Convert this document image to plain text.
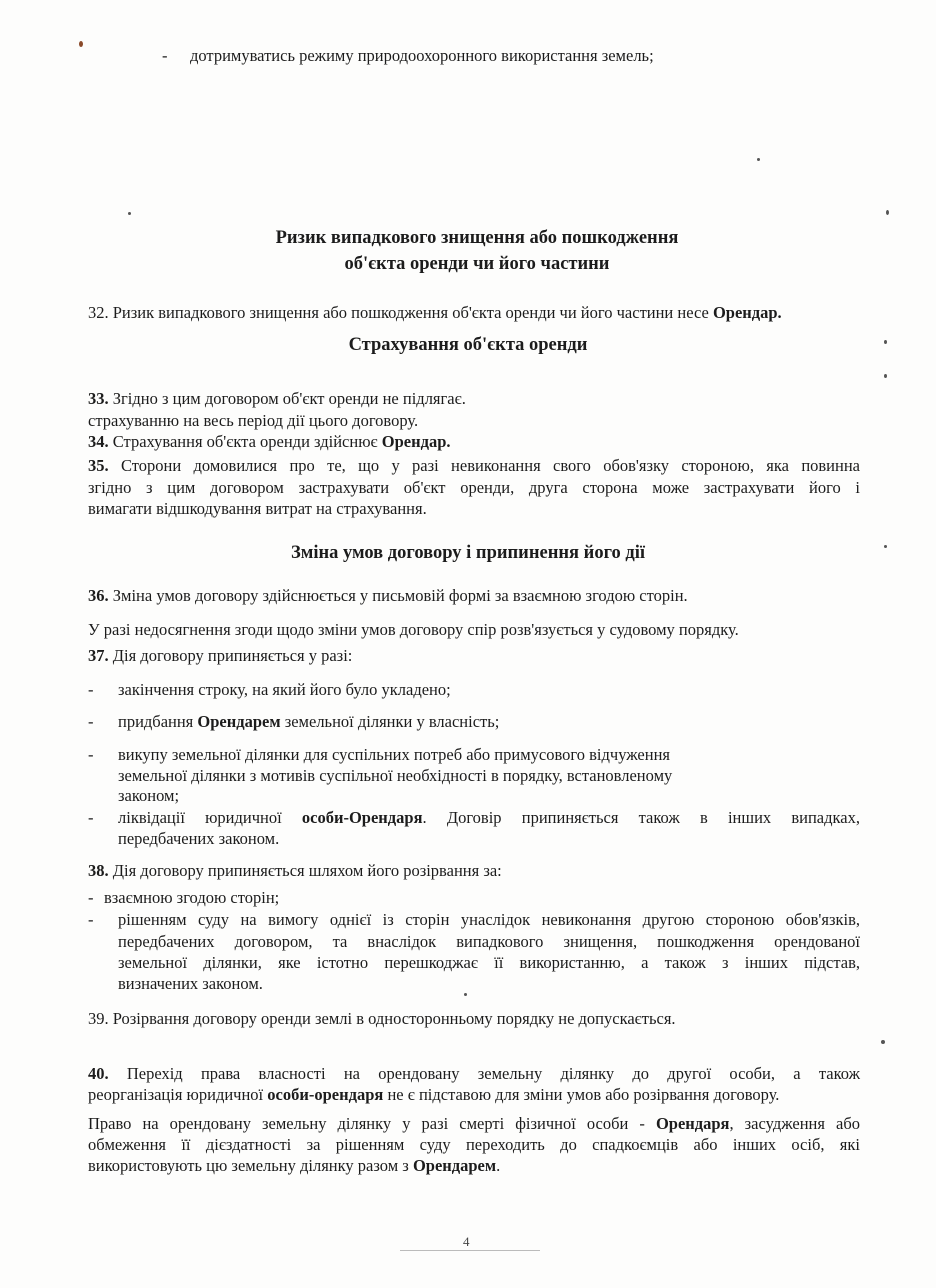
- дотримуватись режиму природоохоронного використання земель;
Ризик випадкового знищення або пошкодження
об'єкта оренди чи його частини
32. Ризик випадкового знищення або пошкодження об'єкта оренди чи його частини несе Орендар.
Страхування об'єкта оренди
33. Згідно з цим договором об'єкт оренди не підлягає.
страхуванню на весь період дії цього договору.
34. Страхування об'єкта оренди здійснює Орендар.
35. Сторони домовилися про те, що у разі невиконання свого обов'язку стороною, яка повинна
згідно з цим договором застрахувати об'єкт оренди, друга сторона може застрахувати його і
вимагати відшкодування витрат на страхування.
Зміна умов договору і припинення його дії
36. Зміна умов договору здійснюється у письмовій формі за взаємною згодою сторін.
У разі недосягнення згоди щодо зміни умов договору спір розв'язується у судовому порядку.
37. Дія договору припиняється у разі:
- закінчення строку, на який його було укладено;
- придбання Орендарем земельної ділянки у власність;
- викупу земельної ділянки для суспільних потреб або примусового відчуження
земельної ділянки з мотивів суспільної необхідності в порядку, встановленому
законом;
- ліквідації юридичної особи-Орендаря. Договір припиняється також в інших випадках,
передбачених законом.
38. Дія договору припиняється шляхом його розірвання за:
- взаємною згодою сторін;
- рішенням суду на вимогу однієї із сторін унаслідок невиконання другою стороною обов'язків,
передбачених договором, та внаслідок випадкового знищення, пошкодження орендованої
земельної ділянки, яке істотно перешкоджає її використанню, а також з інших підстав,
визначених законом.
39. Розірвання договору оренди землі в односторонньому порядку не допускається.
40. Перехід права власності на орендовану земельну ділянку до другої особи, а також
реорганізація юридичної особи-орендаря не є підставою для зміни умов або розірвання договору.
Право на орендовану земельну ділянку у разі смерті фізичної особи - Орендаря, засудження або
обмеження її дієздатності за рішенням суду переходить до спадкоємців або інших осіб, які
використовують цю земельну ділянку разом з Орендарем.
4
